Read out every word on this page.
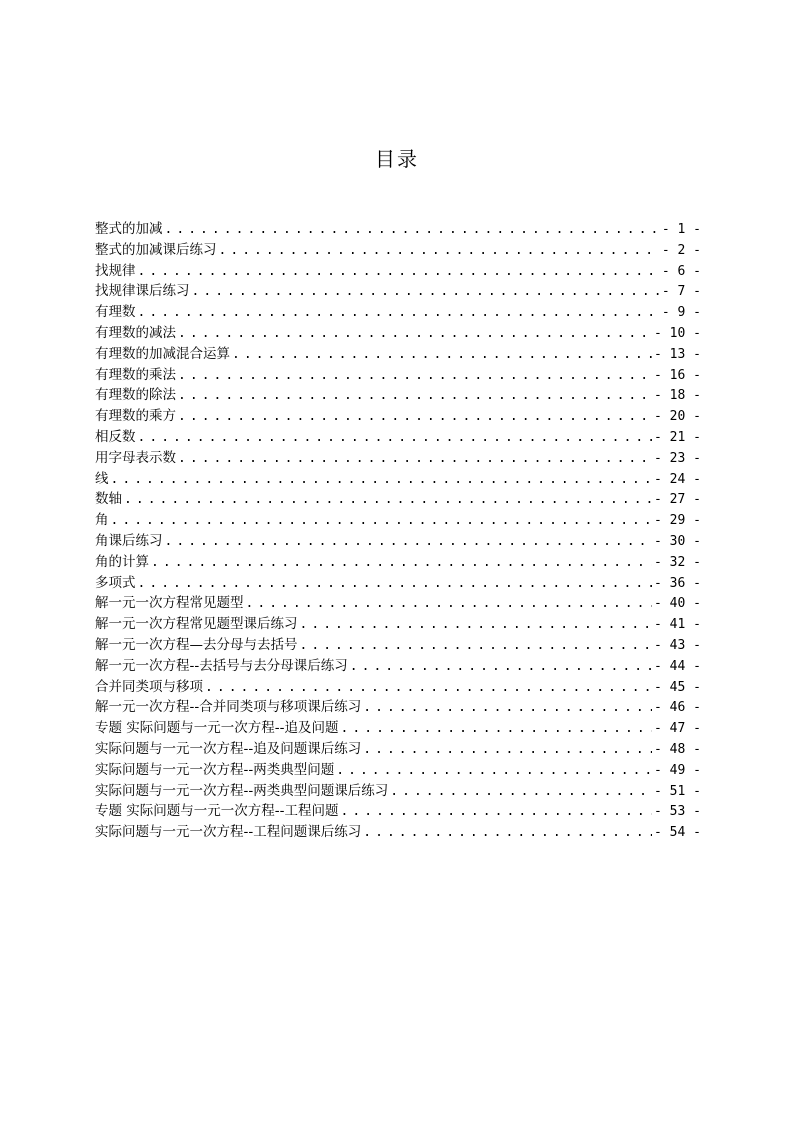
目录
整式的加减 . . .	- 1 -
整式的加减课后练习 . . .	- 2 -
找规律 . . .	- 6 -
找规律课后练习 . . .	- 7 -
有理数 . . .	- 9 -
有理数的减法 . . .	- 10 -
有理数的加减混合运算 . . .	- 13 -
有理数的乘法 . . .	- 16 -
有理数的除法 . . .	- 18 -
有理数的乘方 . . .	- 20 -
相反数 . . .	- 21 -
用字母表示数 . . .	- 23 -
线 . . .	- 24 -
数轴 . . .	- 27 -
角 . . .	- 29 -
角课后练习 . . .	- 30 -
角的计算 . . .	- 32 -
多项式 . . .	- 36 -
解一元一次方程常见题型 . . .	- 40 -
解一元一次方程常见题型课后练习 . . .	- 41 -
解一元一次方程—去分母与去括号 . . .	- 43 -
解一元一次方程--去括号与去分母课后练习 . . .	- 44 -
合并同类项与移项 . . .	- 45 -
解一元一次方程--合并同类项与移项课后练习 . . .	- 46 -
专题 实际问题与一元一次方程--追及问题 . . .	- 47 -
实际问题与一元一次方程--追及问题课后练习 . . .	- 48 -
实际问题与一元一次方程--两类典型问题 . . .	- 49 -
实际问题与一元一次方程--两类典型问题课后练习 . . .	- 51 -
专题 实际问题与一元一次方程--工程问题 . . .	- 53 -
实际问题与一元一次方程--工程问题课后练习 . . .	- 54 -
